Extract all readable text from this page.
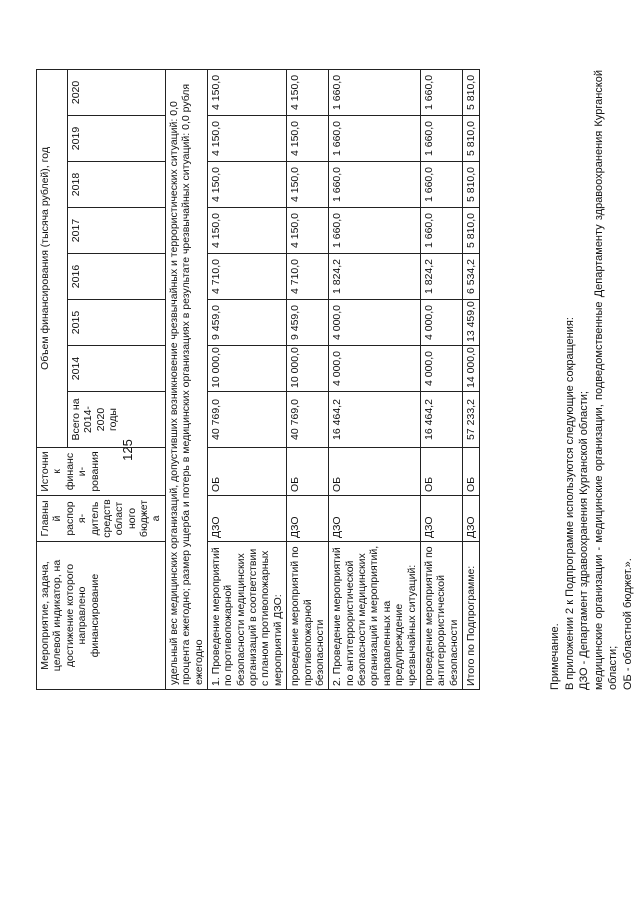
125
Мероприятие, задача, целевой индикатор, на достижение которого направлено финансирование	Главный распоря-дитель средств областного бюджета	Источник финанси-рования	Объем финансирования (тысяча рублей), год							
			Всего на 2014-2020 годы	2014	2015	2016	2017	2018	2019	2020
удельный вес медицинских организаций, допустивших возникновение чрезвычайных и террористических ситуаций: 0,0 процента ежегодно; размер ущерба и потерь в медицинских организациях в результате чрезвычайных ситуаций: 0,0 рубля ежегодно										
1. Проведение мероприятий по противопожарной безопасности медицинских организаций в соответствии с планом противопожарных мероприятий ДЗО:	ДЗО	ОБ	40 769,0	10 000,0	9 459,0	4 710,0	4 150,0	4 150,0	4 150,0	4 150,0
проведение мероприятий по противопожарной безопасности	ДЗО	ОБ	40 769,0	10 000,0	9 459,0	4 710,0	4 150,0	4 150,0	4 150,0	4 150,0
2. Проведение мероприятий по антитеррористической безопасности медицинских организаций и мероприятий, направленных на предупреждение чрезвычайных ситуаций:	ДЗО	ОБ	16 464,2	4 000,0	4 000,0	1 824,2	1 660,0	1 660,0	1 660,0	1 660,0
проведение мероприятий по антитеррористической безопасности	ДЗО	ОБ	16 464,2	4 000,0	4 000,0	1 824,2	1 660,0	1 660,0	1 660,0	1 660,0
Итого по Подпрограмме:	ДЗО	ОБ	57 233,2	14 000,0	13 459,0	6 534,2	5 810,0	5 810,0	5 810,0	5 810,0

Примечание. В приложении 2 к Подпрограмме используются следующие сокращения: ДЗО - Департамент здравоохранения Курганской области; медицинские организации - медицинские организации, подведомственные Департаменту здравоохранения Курганской области; ОБ - областной бюджет.».
